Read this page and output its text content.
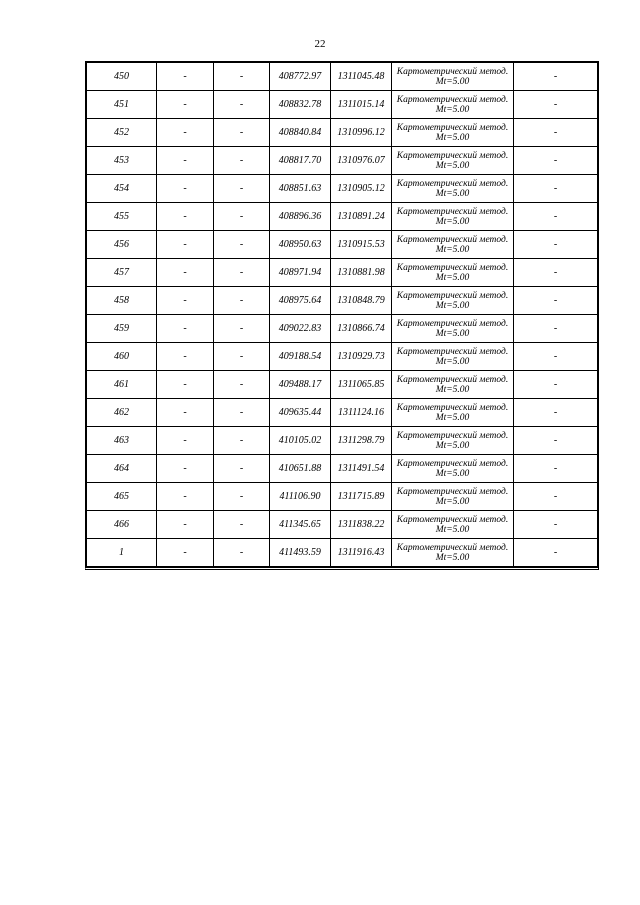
22
450	-	-	408772.97	1311045.48	Картометрический метод. Mt=5.00	-
451	-	-	408832.78	1311015.14	Картометрический метод. Mt=5.00	-
452	-	-	408840.84	1310996.12	Картометрический метод. Mt=5.00	-
453	-	-	408817.70	1310976.07	Картометрический метод. Mt=5.00	-
454	-	-	408851.63	1310905.12	Картометрический метод. Mt=5.00	-
455	-	-	408896.36	1310891.24	Картометрический метод. Mt=5.00	-
456	-	-	408950.63	1310915.53	Картометрический метод. Mt=5.00	-
457	-	-	408971.94	1310881.98	Картометрический метод. Mt=5.00	-
458	-	-	408975.64	1310848.79	Картометрический метод. Mt=5.00	-
459	-	-	409022.83	1310866.74	Картометрический метод. Mt=5.00	-
460	-	-	409188.54	1310929.73	Картометрический метод. Mt=5.00	-
461	-	-	409488.17	1311065.85	Картометрический метод. Mt=5.00	-
462	-	-	409635.44	1311124.16	Картометрический метод. Mt=5.00	-
463	-	-	410105.02	1311298.79	Картометрический метод. Mt=5.00	-
464	-	-	410651.88	1311491.54	Картометрический метод. Mt=5.00	-
465	-	-	411106.90	1311715.89	Картометрический метод. Mt=5.00	-
466	-	-	411345.65	1311838.22	Картометрический метод. Mt=5.00	-
1	-	-	411493.59	1311916.43	Картометрический метод. Mt=5.00	-
